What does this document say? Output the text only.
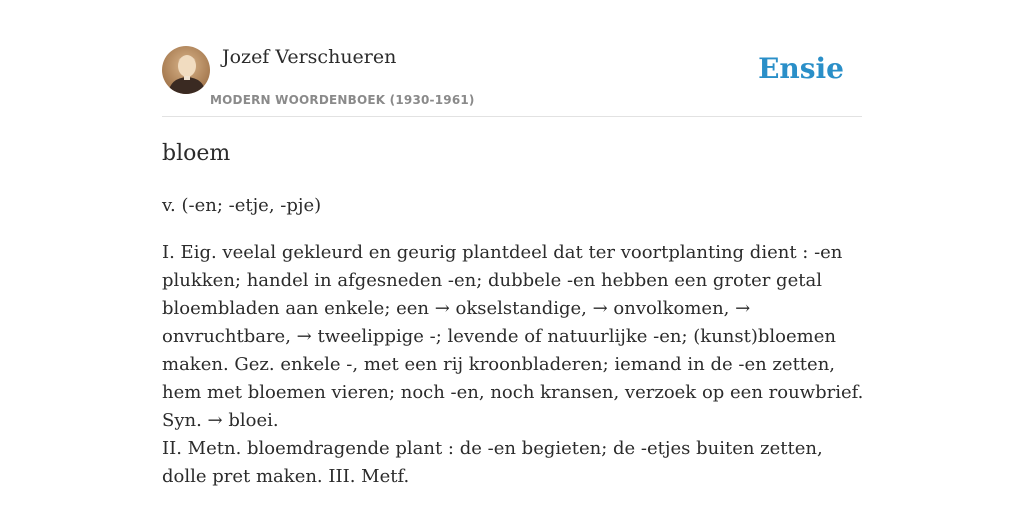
Jozef Verschueren
MODERN WOORDENBOEK (1930-1961)
Ensie
bloem
v. (-en; -etje, -pje)

I. Eig. veelal gekleurd en geurig plantdeel dat ter voortplanting dient : -en plukken; handel in afgesneden -en; dubbele -en hebben een groter getal bloembladen aan enkele; een → okselstandige, → onvolkomen, → onvruchtbare, → tweelippige -; levende of natuurlijke -en; (kunst)bloemen maken. Gez. enkele -, met een rij kroonbladeren; iemand in de -en zetten, hem met bloemen vieren; noch -en, noch kransen, verzoek op een rouwbrief. Syn. → bloei.

II. Metn. bloemdragende plant : de -en begieten; de -etjes buiten zetten, dolle pret maken. III. Metf.
